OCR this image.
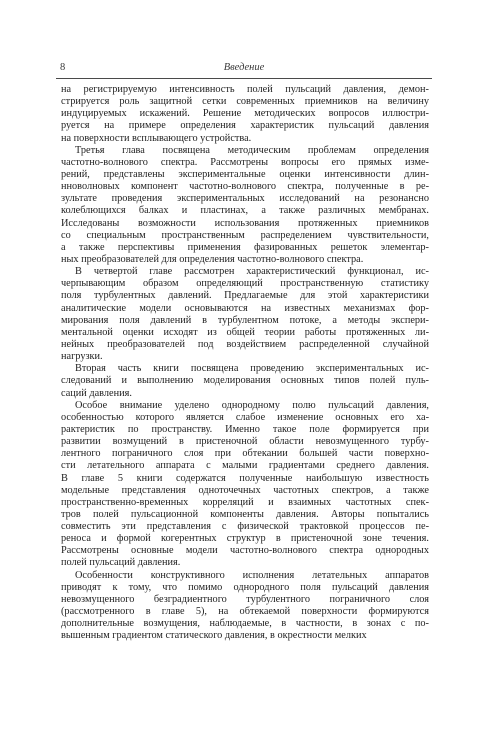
8	Введение
на регистрируемую интенсивность полей пульсаций давления, демон-
стрируется роль защитной сетки современных приемников на величину
индуцируемых искажений. Решение методических вопросов иллюстри-
руется на примере определения характеристик пульсаций давления
на поверхности всплывающего устройства.
Третья глава посвящена методическим проблемам определения
частотно-волнового спектра. Рассмотрены вопросы его прямых изме-
рений, представлены экспериментальные оценки интенсивности длин-
нноволновых компонент частотно-волнового спектра, полученные в ре-
зультате проведения экспериментальных исследований на резонансно
колеблющихся балках и пластинах, а также различных мембранах.
Исследованы возможности использования протяженных приемников
со специальным пространственным распределением чувствительности,
а также перспективы применения фазированных решеток элементар-
ных преобразователей для определения частотно-волнового спектра.
В четвертой главе рассмотрен характеристический функционал, ис-
черпывающим образом определяющий пространственную статистику
поля турбулентных давлений. Предлагаемые для этой характеристики
аналитические модели основываются на известных механизмах фор-
мирования поля давлений в турбулентном потоке, а методы экспери-
ментальной оценки исходят из общей теории работы протяженных ли-
нейных преобразователей под воздействием распределенной случайной
нагрузки.
Вторая часть книги посвящена проведению экспериментальных ис-
следований и выполнению моделирования основных типов полей пуль-
саций давления.
Особое внимание уделено однородному полю пульсаций давления,
особенностью которого является слабое изменение основных его ха-
рактеристик по пространству. Именно такое поле формируется при
развитии возмущений в пристеночной области невозмущенного турбу-
лентного пограничного слоя при обтекании большей части поверхно-
сти летательного аппарата с малыми градиентами среднего давления.
В главе 5 книги содержатся полученные наибольшую известность
модельные представления одноточечных частотных спектров, а также
пространственно-временных корреляций и взаимных частотных спек-
тров полей пульсационной компоненты давления. Авторы попытались
совместить эти представления с физической трактовкой процессов пе-
реноса и формой когерентных структур в пристеночной зоне течения.
Рассмотрены основные модели частотно-волнового спектра однородных
полей пульсаций давления.
Особенности конструктивного исполнения летательных аппаратов
приводят к тому, что помимо однородного поля пульсаций давления
невозмущенного безградиентного турбулентного пограничного слоя
(рассмотренного в главе 5), на обтекаемой поверхности формируются
дополнительные возмущения, наблюдаемые, в частности, в зонах с по-
вышенным градиентом статического давления, в окрестности мелких
